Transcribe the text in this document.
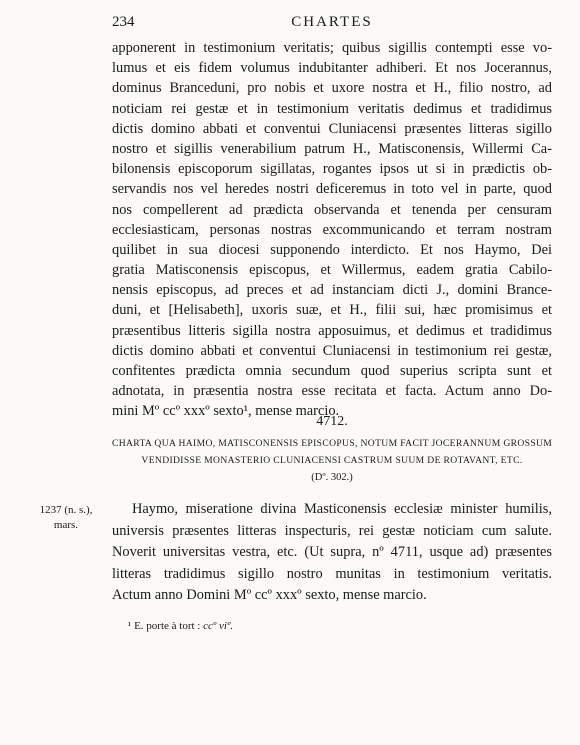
234	CHARTES
apponerent in testimonium veritatis; quibus sigillis contempti esse vo-
lumus et eis fidem volumus indubitanter adhiberi. Et nos Jocerannus,
dominus Branceduni, pro nobis et uxore nostra et H., filio nostro, ad
noticiam rei gestæ et in testimonium veritatis dedimus et tradidimus
dictis domino abbati et conventui Cluniacensi præsentes litteras sigillo
nostro et sigillis venerabilium patrum H., Matisconensis, Willermi Ca-
bilonensis episcoporum sigillatas, rogantes ipsos ut si in prædictis ob-
servandis nos vel heredes nostri deficeremus in toto vel in parte, quod
nos compellerent ad prædicta observanda et tenenda per censuram
ecclesiasticam, personas nostras excommunicando et terram nostram
quilibet in sua diocesi supponendo interdicto. Et nos Haymo, Dei
gratia Matisconensis episcopus, et Willermus, eadem gratia Cabilo-
nensis episcopus, ad preces et ad instanciam dicti J., domini Brance-
duni, et [Helisabeth], uxoris suæ, et H., filii sui, hæc promisimus et
præsentibus litteris sigilla nostra apposuimus, et dedimus et tradidimus
dictis domino abbati et conventui Cluniacensi in testimonium rei gestæ,
confitentes prædicta omnia secundum quod superius scripta sunt et
adnotata, in præsentia nostra esse recitata et facta. Actum anno Do-
mini Mº ccº xxxº sexto¹, mense marcio.
4712.
CHARTA QUA HAIMO, MATISCONENSIS EPISCOPUS, NOTUM FACIT JOCERANNUM GROSSUM
VENDIDISSE MONASTERIO CLUNIACENSI CASTRUM SUUM DE ROTAVANT, ETC.
(Dº. 302.)
1237 (n. s.),
mars.
Haymo, miseratione divina Masticonensis ecclesiæ minister humilis,
universis præsentes litteras inspecturis, rei gestæ noticiam cum salute.
Noverit universitas vestra, etc. (Ut supra, nº 4711, usque ad) præsentes
litteras tradidimus sigillo nostro munitas in testimonium veritatis.
Actum anno Domini Mº ccº xxxº sexto, mense marcio.
¹ E. porte à tort : ccº viº.
